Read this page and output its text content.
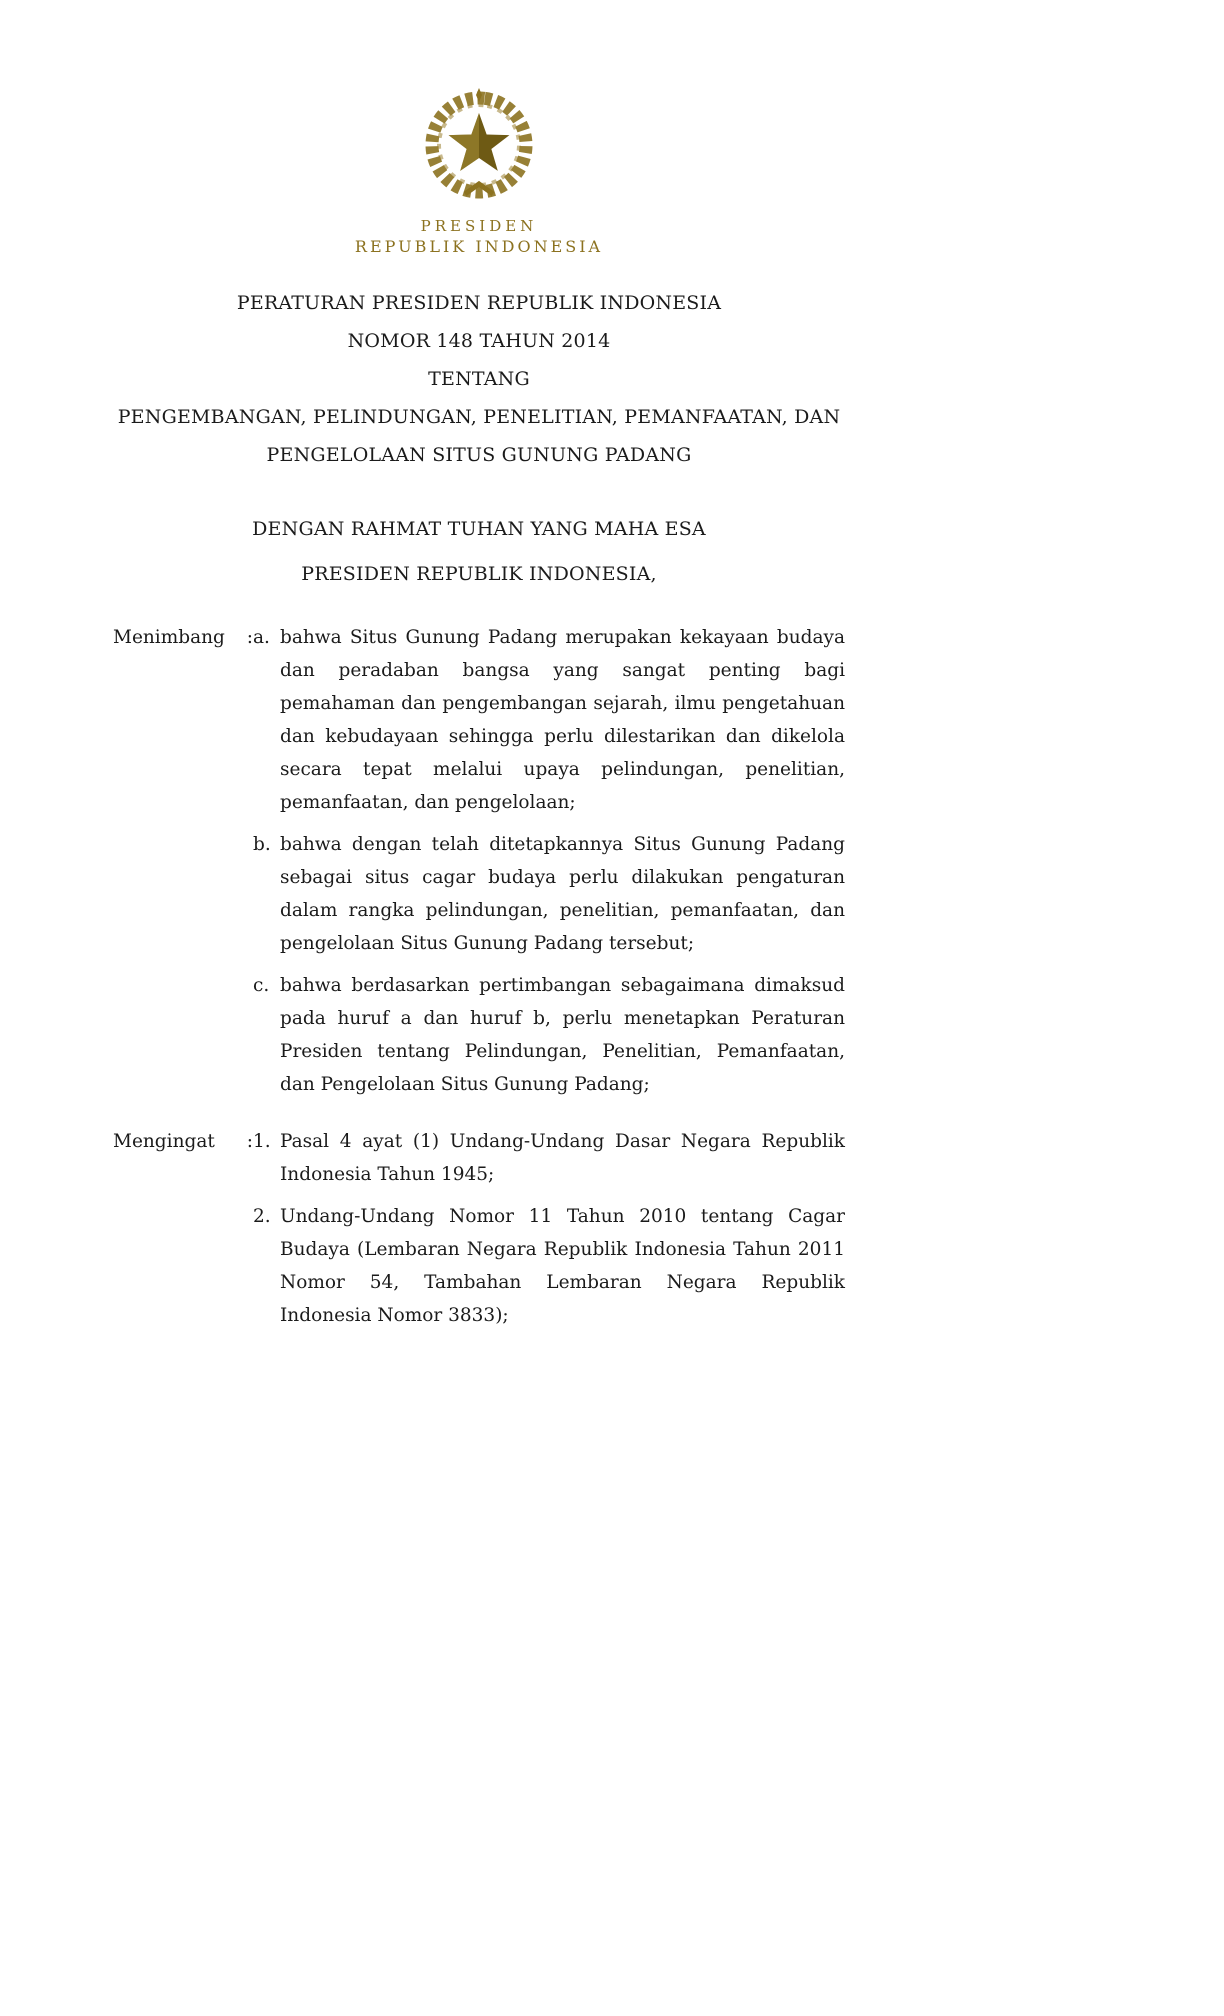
PRESIDEN
REPUBLIK INDONESIA
PERATURAN PRESIDEN REPUBLIK INDONESIA
NOMOR 148 TAHUN 2014
TENTANG
PENGEMBANGAN, PELINDUNGAN, PENELITIAN, PEMANFAATAN, DAN
PENGELOLAAN SITUS GUNUNG PADANG
DENGAN RAHMAT TUHAN YANG MAHA ESA
PRESIDEN REPUBLIK INDONESIA,
Menimbang : a. bahwa Situs Gunung Padang merupakan kekayaan budaya dan peradaban bangsa yang sangat penting bagi pemahaman dan pengembangan sejarah, ilmu pengetahuan dan kebudayaan sehingga perlu dilestarikan dan dikelola secara tepat melalui upaya pelindungan, penelitian, pemanfaatan, dan pengelolaan;
b. bahwa dengan telah ditetapkannya Situs Gunung Padang sebagai situs cagar budaya perlu dilakukan pengaturan dalam rangka pelindungan, penelitian, pemanfaatan, dan pengelolaan Situs Gunung Padang tersebut;
c. bahwa berdasarkan pertimbangan sebagaimana dimaksud pada huruf a dan huruf b, perlu menetapkan Peraturan Presiden tentang Pelindungan, Penelitian, Pemanfaatan, dan Pengelolaan Situs Gunung Padang;
Mengingat : 1. Pasal 4 ayat (1) Undang-Undang Dasar Negara Republik Indonesia Tahun 1945;
2. Undang-Undang Nomor 11 Tahun 2010 tentang Cagar Budaya (Lembaran Negara Republik Indonesia Tahun 2011 Nomor 54, Tambahan Lembaran Negara Republik Indonesia Nomor 3833);
